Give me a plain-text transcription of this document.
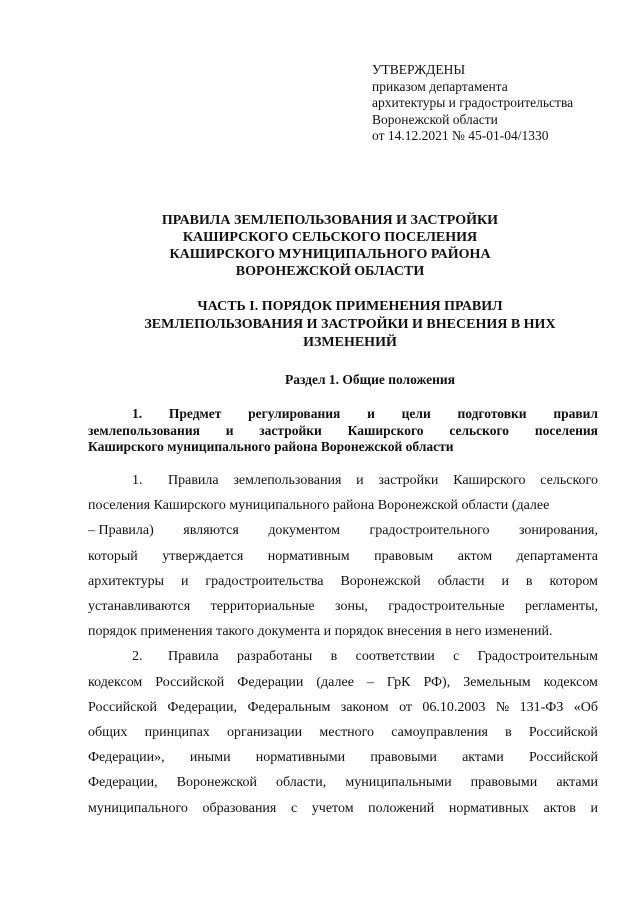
УТВЕРЖДЕНЫ
приказом департамента
архитектуры и градостроительства
Воронежской области
от 14.12.2021 № 45-01-04/1330
ПРАВИЛА ЗЕМЛЕПОЛЬЗОВАНИЯ И ЗАСТРОЙКИ
КАШИРСКОГО СЕЛЬСКОГО ПОСЕЛЕНИЯ
КАШИРСКОГО МУНИЦИПАЛЬНОГО РАЙОНА
ВОРОНЕЖСКОЙ ОБЛАСТИ
ЧАСТЬ I. ПОРЯДОК ПРИМЕНЕНИЯ ПРАВИЛ
ЗЕМЛЕПОЛЬЗОВАНИЯ И ЗАСТРОЙКИ И ВНЕСЕНИЯ В НИХ
ИЗМЕНЕНИЙ
Раздел 1. Общие положения
1. Предмет регулирования и цели подготовки правил
землепользования и застройки Каширского сельского поселения
Каширского муниципального района Воронежской области
1.	Правила землепользования и застройки Каширского сельского
поселения Каширского муниципального района Воронежской области (далее
– Правила) являются документом градостроительного зонирования,
который утверждается нормативным правовым актом департамента
архитектуры и градостроительства Воронежской области и в котором
устанавливаются территориальные зоны, градостроительные регламенты,
порядок применения такого документа и порядок внесения в него изменений.
2.	Правила разработаны в соответствии с Градостроительным
кодексом Российской Федерации (далее – ГрК РФ), Земельным кодексом
Российской Федерации, Федеральным законом от 06.10.2003 № 131-ФЗ «Об
общих принципах организации местного самоуправления в Российской
Федерации», иными нормативными правовыми актами Российской
Федерации, Воронежской области, муниципальными правовыми актами
муниципального образования с учетом положений нормативных актов и
